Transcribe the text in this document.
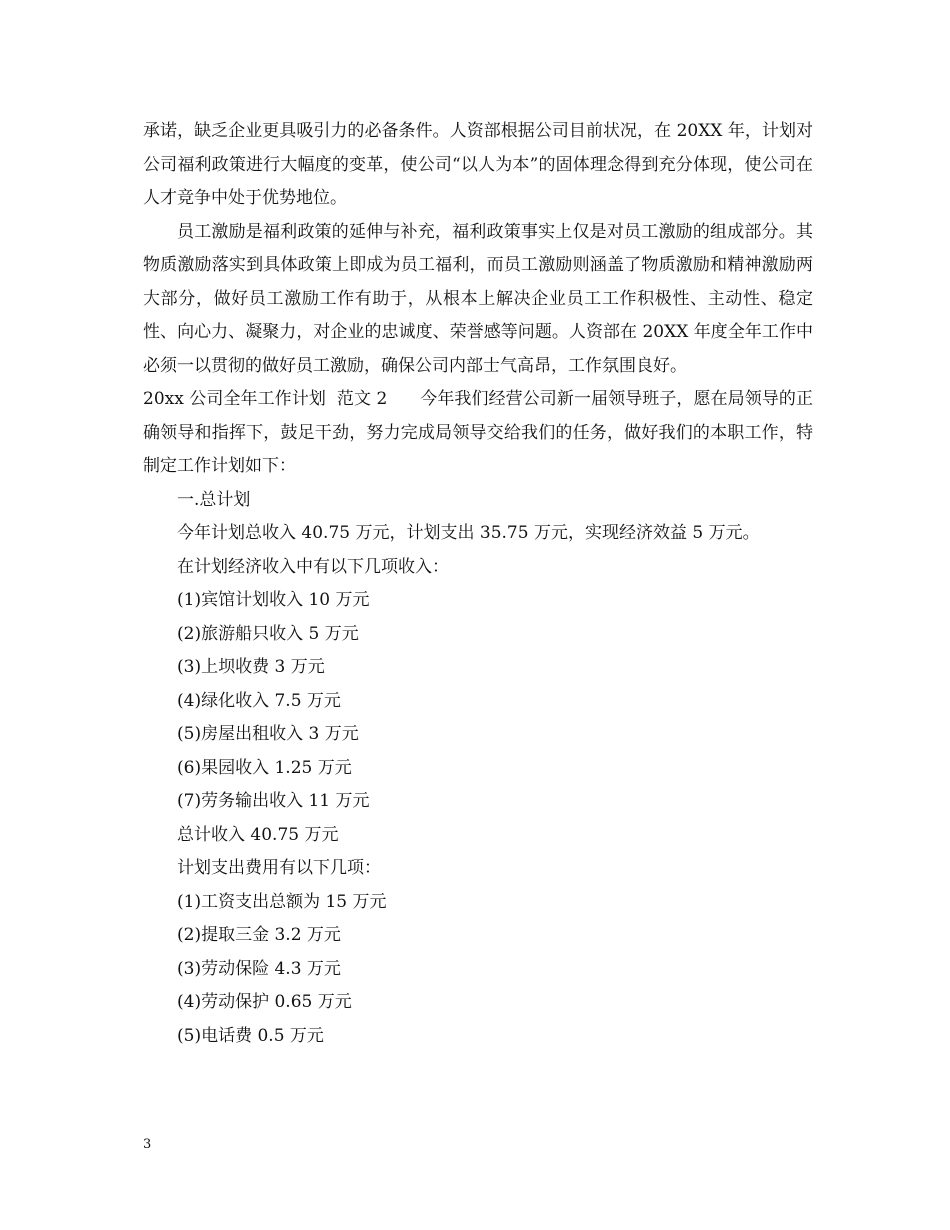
承诺，缺乏企业更具吸引力的必备条件。人资部根据公司目前状况，在 20XX 年，计划对公司福利政策进行大幅度的变革，使公司“以人为本”的固体理念得到充分体现，使公司在人才竞争中处于优势地位。

员工激励是福利政策的延伸与补充，福利政策事实上仅是对员工激励的组成部分。其物质激励落实到具体政策上即成为员工福利，而员工激励则涵盖了物质激励和精神激励两大部分，做好员工激励工作有助于，从根本上解决企业员工工作积极性、主动性、稳定性、向心力、凝聚力，对企业的忠诚度、荣誉感等问题。人资部在 20XX 年度全年工作中必须一以贯彻的做好员工激励，确保公司内部士气高昂，工作氛围良好。

20xx 公司全年工作计划  范文 2      今年我们经营公司新一届领导班子，愿在局领导的正确领导和指挥下，鼓足干劲，努力完成局领导交给我们的任务，做好我们的本职工作，特制定工作计划如下：

一.总计划

今年计划总收入 40.75 万元，计划支出 35.75 万元，实现经济效益 5 万元。

在计划经济收入中有以下几项收入：

(1)宾馆计划收入 10 万元

(2)旅游船只收入 5 万元

(3)上坝收费 3 万元

(4)绿化收入 7.5 万元

(5)房屋出租收入 3 万元

(6)果园收入 1.25 万元

(7)劳务输出收入 11 万元

总计收入 40.75 万元

计划支出费用有以下几项：

(1)工资支出总额为 15 万元

(2)提取三金 3.2 万元

(3)劳动保险 4.3 万元

(4)劳动保护 0.65 万元

(5)电话费 0.5 万元

3
